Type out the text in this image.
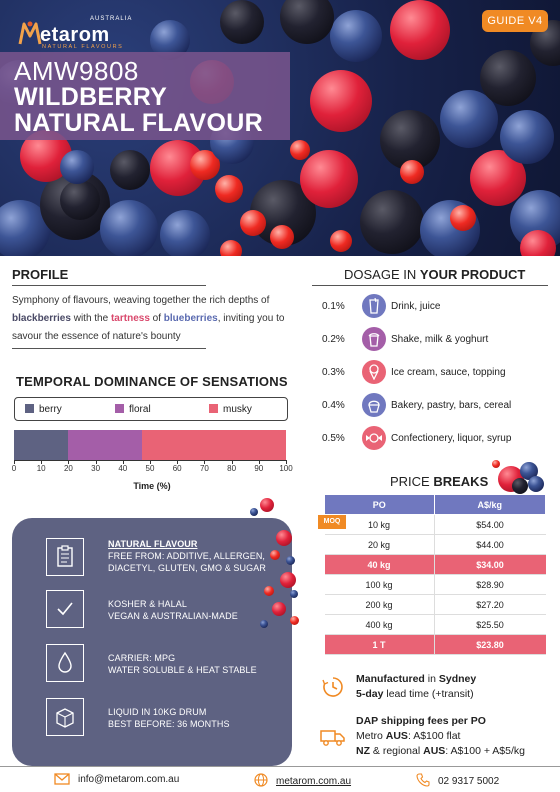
AMW9808
WILDBERRY
NATURAL FLAVOUR
etarom
AUSTRALIA
NATURAL FLAVOURS
GUIDE V4
PROFILE
Symphony of flavours, weaving together the rich depths of blackberries with the tartness of blueberries, inviting you to savour the essence of nature's bounty
TEMPORAL DOMINANCE OF SENSATIONS
berry	floral	musky
0	10	20	30	40	50	60	70	80	90	100
Time (%)
NATURAL FLAVOUR
FREE FROM: ADDITIVE, ALLERGEN,
DIACETYL, GLUTEN, GMO & SUGAR
KOSHER & HALAL
VEGAN & AUSTRALIAN-MADE
CARRIER: MPG
WATER SOLUBLE & HEAT STABLE
LIQUID IN 10KG DRUM
BEST BEFORE: 36 MONTHS
DOSAGE IN YOUR PRODUCT
0.1%	Drink, juice
0.2%	Shake, milk & yoghurt
0.3%	Ice cream, sauce, topping
0.4%	Bakery, pastry, bars, cereal
0.5%	Confectionery, liquor, syrup
PRICE BREAKS
PO	A$/kg
10 kg	$54.00
20 kg	$44.00
40 kg	$34.00
100 kg	$28.90
200 kg	$27.20
400 kg	$25.50
1 T	$23.80
MOQ
Manufactured in Sydney
5-day lead time (+transit)
DAP shipping fees per PO
Metro AUS: A$100 flat
NZ & regional AUS: A$100 + A$5/kg
info@metarom.com.au	metarom.com.au	02 9317 5002
